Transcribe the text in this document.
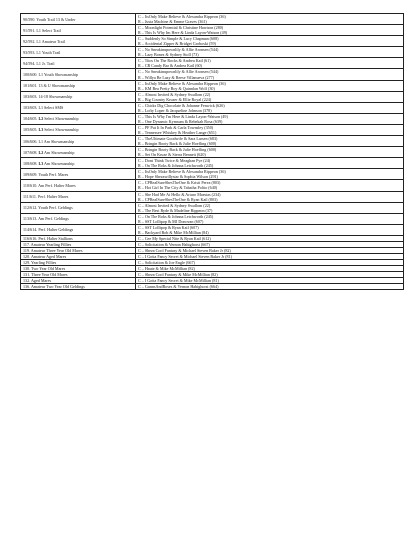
90/590. Youth Trail 13 & Under	C – ItsOnly Make Believe & Alexandra Rippeon (36)
R – Justa Machine & Emme Graves (361)

91/591. L1 Select Trail	C – Moonlight Potential & Christine Harrison (280)
R – This Is Why Im Here & Linda Layon-Watson (49)

92/592. L1 Amateur Trail	C – Suddenly So Simple & Lucy Chapman (608)
R – Accidental Zipper & Bridget Groboski (59)

93/593. L1 Youth Trail	C – No Sneakinupownlily & Allie Aronsen (544)
R – Lazy Bonez & Sydney Stoll (73)

94/594. L1 Jr. Trail	C – Titos On The Rocks & Andrea Kail (61)
R – CR Candy Bar & Andrea Kail (60)

100/600. L1 Youth Showmanship	C – No Sneakinupownlily & Allie Aronsen (544)
R – Willya Be Lazy & Reese Villanueva (277)

101/601. 13 & U Showmanship	C – ItsOnly Make Believe & Alexandra Rippeon (36)
R – KM Bea Pretty Boy & Quinnlan Wolf (30)

103/603. 14-18 Showmanship	C – Almost Invited & Sydney Swallom (22)
R – Big Country Kruzer & Ellie Royal (224)

103/603. L1 Select SMS	C – Chicks Dig Chocolate & Johanne Fenwick (626)
R – Lofty Loper & Jacqueline Johnson (378)

104/605. L2 Select Showmanship	C – This Is Why I'm Here & Linda Layon-Watson (49)
R – One Dynamic Kymsum & Rebekah Rosa (639)

105/605. L3 Select Showmanship	C – PF Put It In Park & Carla Townsley (350)
R – Tennessee Whiskey & Heather Lange (651)

106/606. L1 Am Showmanship	C – TheUltimate Goodwife & Sara Larsen (683)
R – Bringin Booty Back & Julie Hoefling (600)

107/608. L2 Am Showmanship	C – Bringin Booty Back & Julie Hoefling (600)
R – Set On Kruze & Sierra Bennett (620)

108/608. L3 Am Showmanship	C – Dont Think Twice & Meaghan Pye (24)
R – On The Roks & Johnna Letchworth (245)

109/609. Youth Perf. Mares	C – ItsOnly Make Believe & Alexandra Rippeon (36)
R – Hope Shezawillystar & Sophia Wilson (291)

110/610. Am Perf. Halter Mares	C – CPRealSureShesTheOne & Kristi Perea (803)
R – Hot Girl In The City & Tabatha Polito (640)

111/611. Perf. Halter Mares	C – She Had Me At Hello & Arturo Maestas (234)
R – CPRealSureShesTheOne & Ryan Kail (803)

112/612. Youth Perf. Geldings	C – Almost Invited & Sydney Swallom (22)
R – The Best Ryde & Madeline Rippeon (37)

113/613. Am Perf. Geldings	C – On The Roks & Johnna Letchworth (245)
R – SST Lollipop & MJ Donovan (607)

114/614. Perf. Halter Geldings	C – SST Lollipop & Ryan Kail (607)
R – Backyard Bob & Mike McMillian (84)

116/616. Perf. Halter Stallions	C – Cee My Special Nite & Ryan Kail (612)

117. Amateur Yearling Fillies	C – Solicitation & Vernon Habighorst (667)

119. Amateur Three Year Old Mares	C – Sheza Cool Fantasy & Michael Steven Baker Jr (82)

120. Amateur Aged Mares	C – I Gotta Fancy Secret & Michael Steven Baker Jr (81)

129. Yearling Fillies	C – Solicitation & Joe Engle (667)

130. Two Year Old Mares	C – Haute & Mike McMillian (82)

131. Three Year Old Mares	C – Sheza Cool Fantasy & Mike McMillian (82)

132. Aged Mares	C – I Gotta Fancy Secret & Mike McMillian (81)

136. Amateur Two Year Old Geldings	C – GunnsAndRoses & Vernon Habighorst (664)
